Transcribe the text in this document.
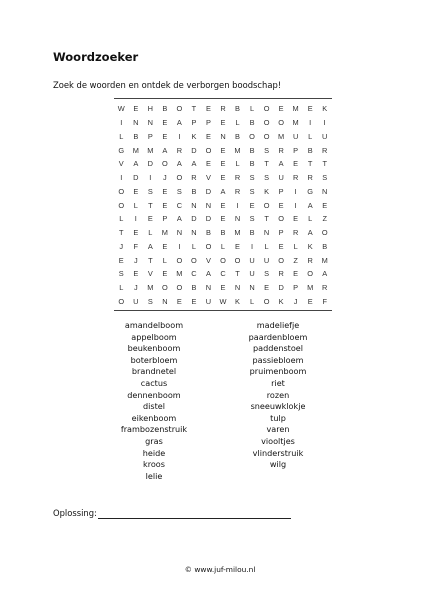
Woordzoeker
Zoek de woorden en ontdek de verborgen boodschap!
W	E	H	B	O	T	E	R	B	L	O	E	M	E	K
I	N	N	E	A	P	P	E	L	B	O	O	M	I	I
L	B	P	E	I	K	E	N	B	O	O	M	U	L	U
G	M	M	A	R	D	O	E	M	B	S	R	P	B	R
V	A	D	O	A	A	E	E	L	B	T	A	E	T	T
I	D	I	J	O	R	V	E	R	S	S	U	R	R	S
O	E	S	E	S	B	D	A	R	S	K	P	I	G	N
O	L	T	E	C	N	N	E	I	E	O	E	I	A	E
L	I	E	P	A	D	D	E	N	S	T	O	E	L	Z
T	E	L	M	N	N	B	B	M	B	N	P	R	A	O
J	F	A	E	I	L	O	L	E	I	L	E	L	K	B
E	J	T	L	O	O	V	O	O	U	U	O	Z	R	M
S	E	V	E	M	C	A	C	T	U	S	R	E	O	A
L	J	M	O	O	B	N	E	N	N	E	D	P	M	R
O	U	S	N	E	E	U	W	K	L	O	K	J	E	F
amandelboom
appelboom
beukenboom
boterbloem
brandnetel
cactus
dennenboom
distel
eikenboom
frambozenstruik
gras
heide
kroos
lelie
madeliefje
paardenbloem
paddenstoel
passiebloem
pruimenboom
riet
rozen
sneeuwklokje
tulp
varen
viooltjes
vlinderstruik
wilg
Oplossing:
© www.juf-milou.nl
